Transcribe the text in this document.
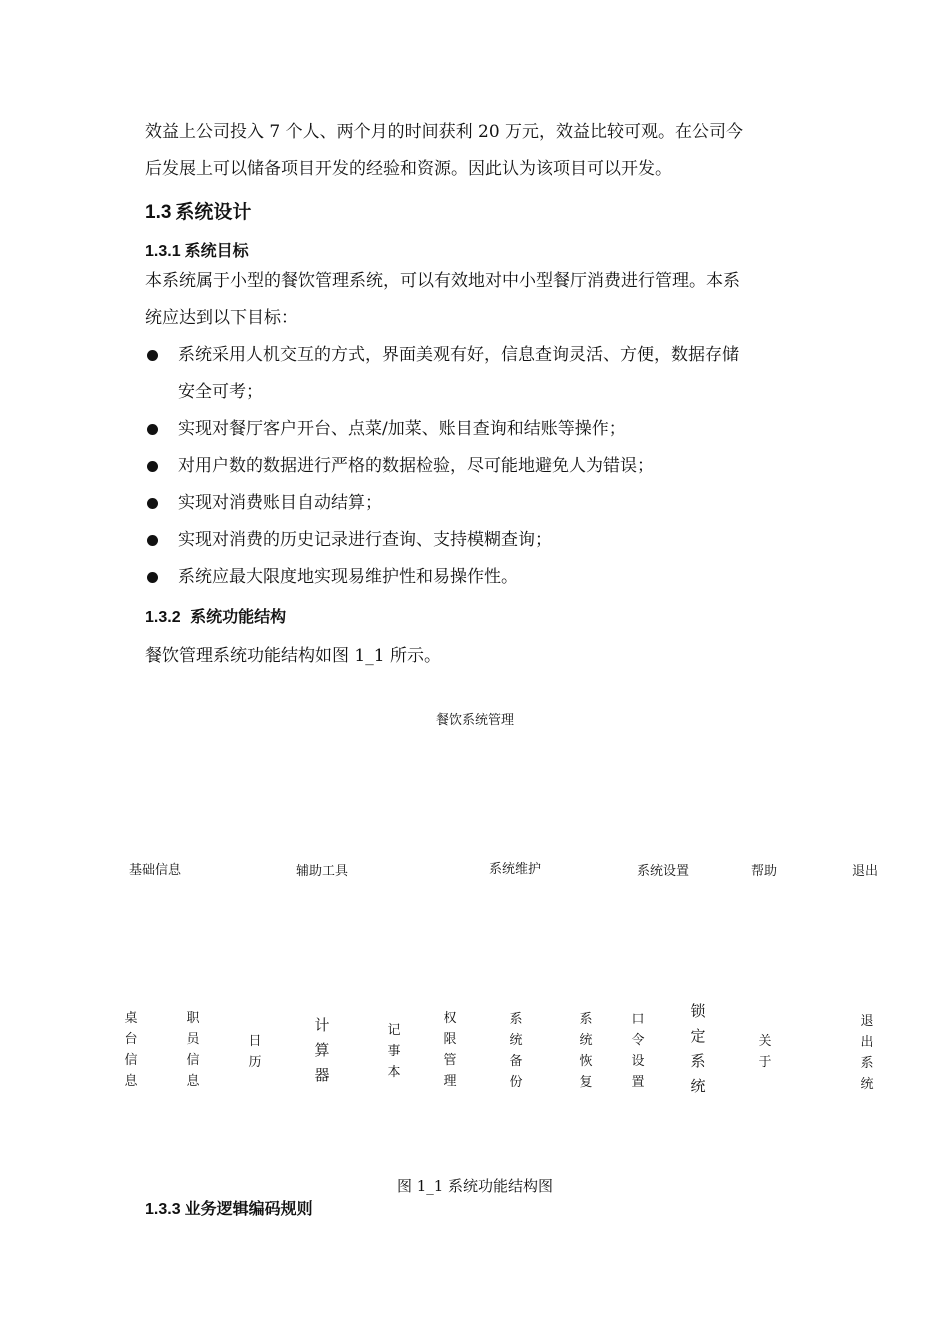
效益上公司投入 7 个人、两个月的时间获利 20 万元，效益比较可观。在公司今

后发展上可以储备项目开发的经验和资源。因此认为该项目可以开发。

1.3 系统设计
1.3.1 系统目标

本系统属于小型的餐饮管理系统，可以有效地对中小型餐厅消费进行管理。本系

统应达到以下目标：

系统采用人机交互的方式，界面美观有好，信息查询灵活、方便，数据存储
安全可考；
实现对餐厅客户开台、点菜/加菜、账目查询和结账等操作；
对用户数的数据进行严格的数据检验，尽可能地避免人为错误；
实现对消费账目自动结算；
实现对消费的历史记录进行查询、支持模糊查询；
系统应最大限度地实现易维护性和易操作性。
1.3.2 系统功能结构

餐饮管理系统功能结构如图 1_1 所示。

餐饮系统管理
基础信息	辅助工具	系统维护	系统设置	帮助	退出
桌台信息
职员信息
日历
计算器
记事本
权限管理
系统备份
系统恢复
口令设置
锁定系统
关于
退出系统
图 1_1 系统功能结构图
1.3.3 业务逻辑编码规则
